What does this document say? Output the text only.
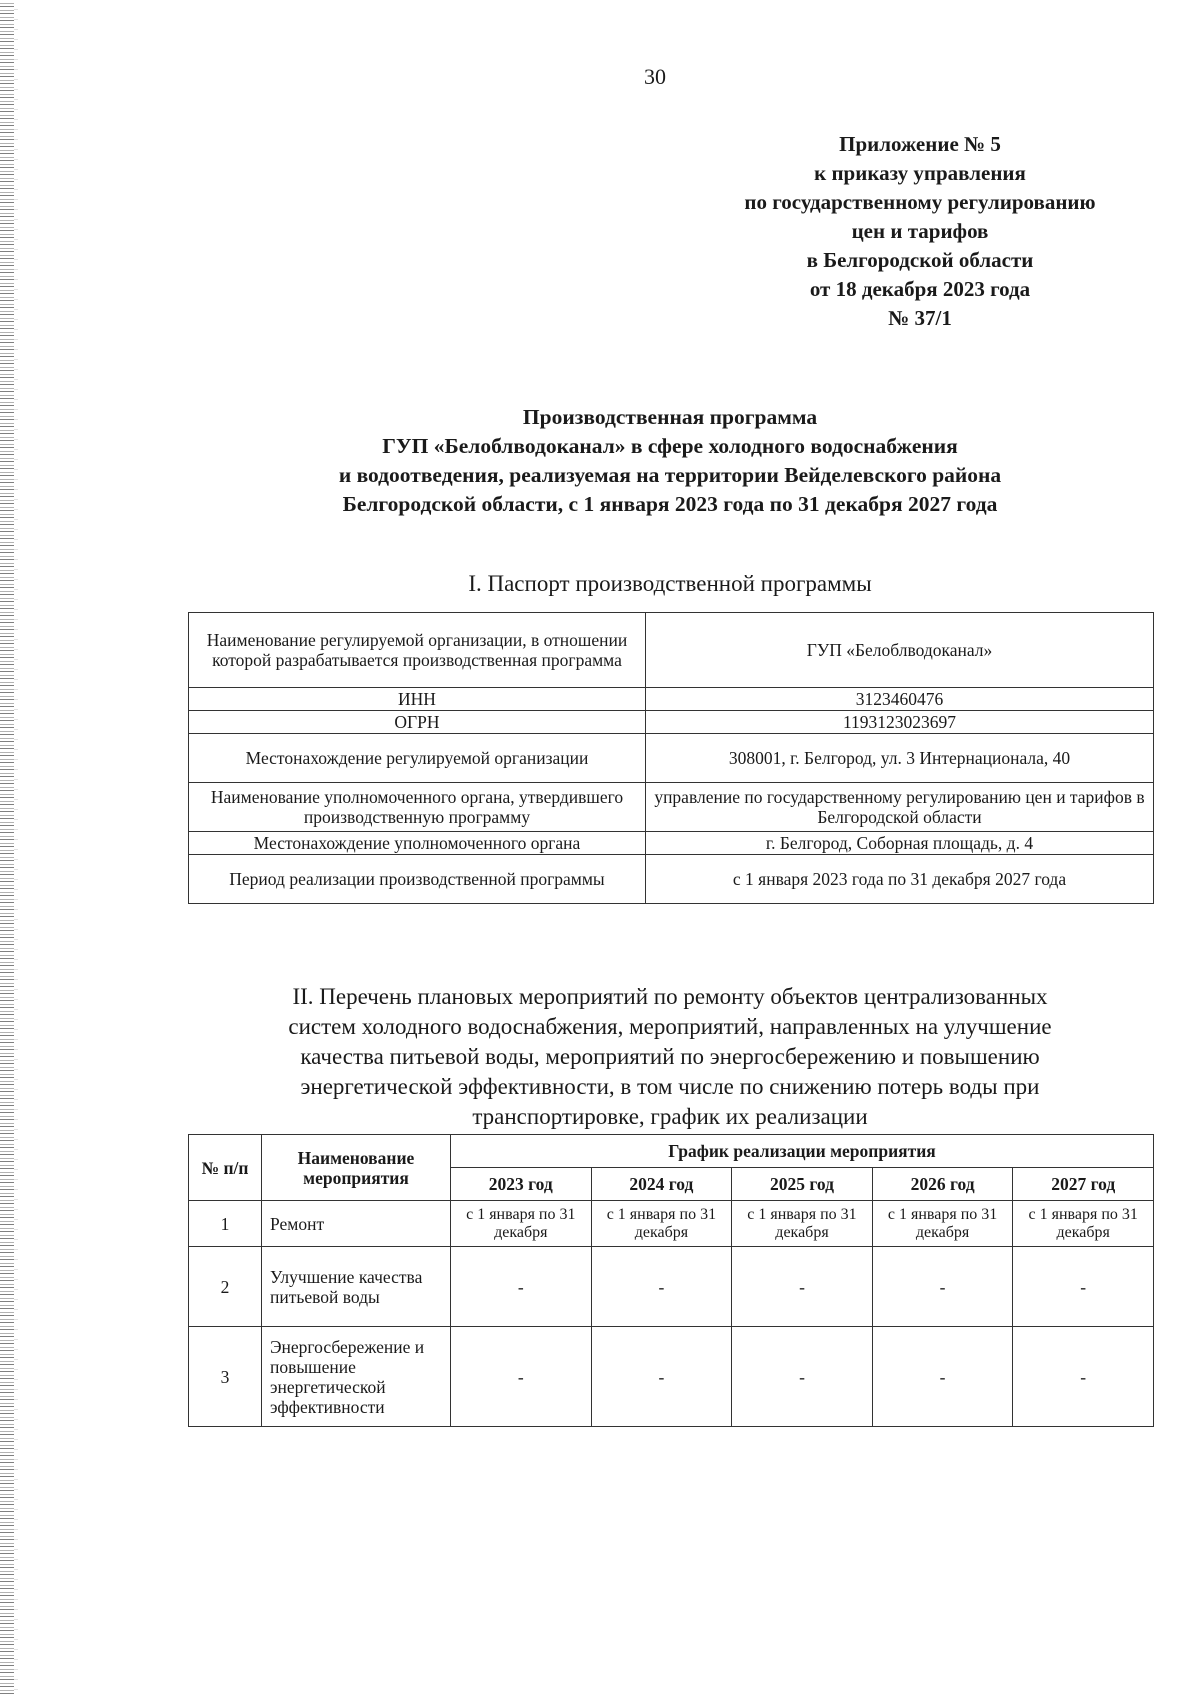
30
Приложение № 5
к приказу управления
по государственному регулированию
цен и тарифов
в Белгородской области
от 18 декабря 2023 года
№ 37/1
Производственная программа
ГУП «Белоблводоканал» в сфере холодного водоснабжения
и водоотведения, реализуемая на территории Вейделевского района
Белгородской области, с 1 января 2023 года по 31 декабря 2027 года
I. Паспорт производственной программы
Наименование регулируемой организации, в отношении которой разрабатывается производственная программа	ГУП «Белоблводоканал»
ИНН	3123460476
ОГРН	1193123023697
Местонахождение регулируемой организации	308001, г. Белгород, ул. 3 Интернационала, 40
Наименование уполномоченного органа, утвердившего производственную программу	управление по государственному регулированию цен и тарифов в Белгородской области
Местонахождение уполномоченного органа	г. Белгород, Соборная площадь, д. 4
Период реализации производственной программы	с 1 января 2023 года по 31 декабря 2027 года
II. Перечень плановых мероприятий по ремонту объектов централизованных
систем холодного водоснабжения, мероприятий, направленных на улучшение
качества питьевой воды, мероприятий по энергосбережению и повышению
энергетической эффективности, в том числе по снижению потерь воды при
транспортировке, график их реализации
№ п/п	Наименование мероприятия	График реализации мероприятия				
		2023 год	2024 год	2025 год	2026 год	2027 год
1	Ремонт	с 1 января по 31 декабря	с 1 января по 31 декабря	с 1 января по 31 декабря	с 1 января по 31 декабря	с 1 января по 31 декабря
2	Улучшение качества питьевой воды	-	-	-	-	-
3	Энергосбережение и повышение энергетической эффективности	-	-	-	-	-
